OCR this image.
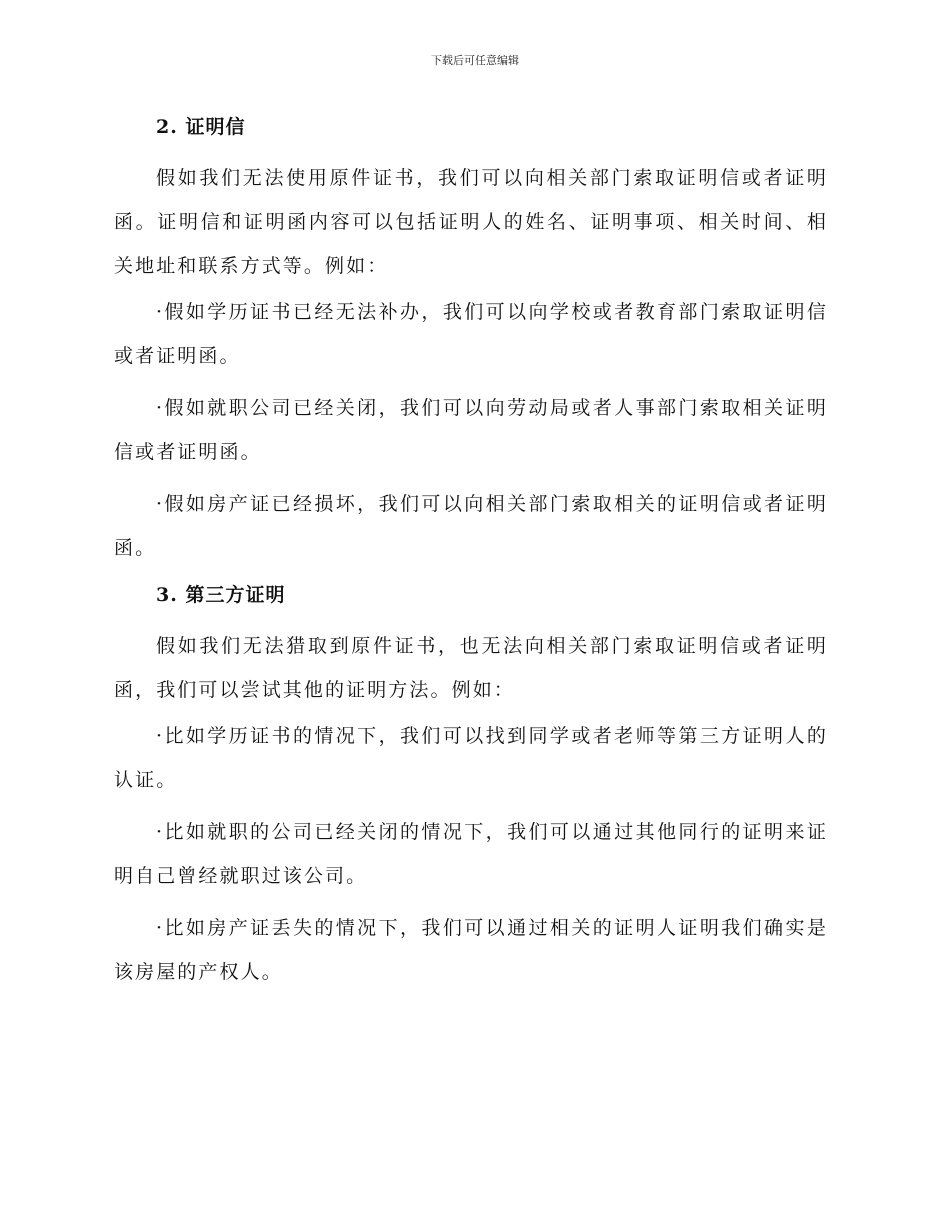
下载后可任意编辑
2. 证明信

假如我们无法使用原件证书，我们可以向相关部门索取证明信或者证明函。证明信和证明函内容可以包括证明人的姓名、证明事项、相关时间、相关地址和联系方式等。例如：

·假如学历证书已经无法补办，我们可以向学校或者教育部门索取证明信或者证明函。

·假如就职公司已经关闭，我们可以向劳动局或者人事部门索取相关证明信或者证明函。

·假如房产证已经损坏，我们可以向相关部门索取相关的证明信或者证明函。

3. 第三方证明

假如我们无法猎取到原件证书，也无法向相关部门索取证明信或者证明函，我们可以尝试其他的证明方法。例如：

·比如学历证书的情况下，我们可以找到同学或者老师等第三方证明人的认证。

·比如就职的公司已经关闭的情况下，我们可以通过其他同行的证明来证明自己曾经就职过该公司。

·比如房产证丢失的情况下，我们可以通过相关的证明人证明我们确实是该房屋的产权人。
